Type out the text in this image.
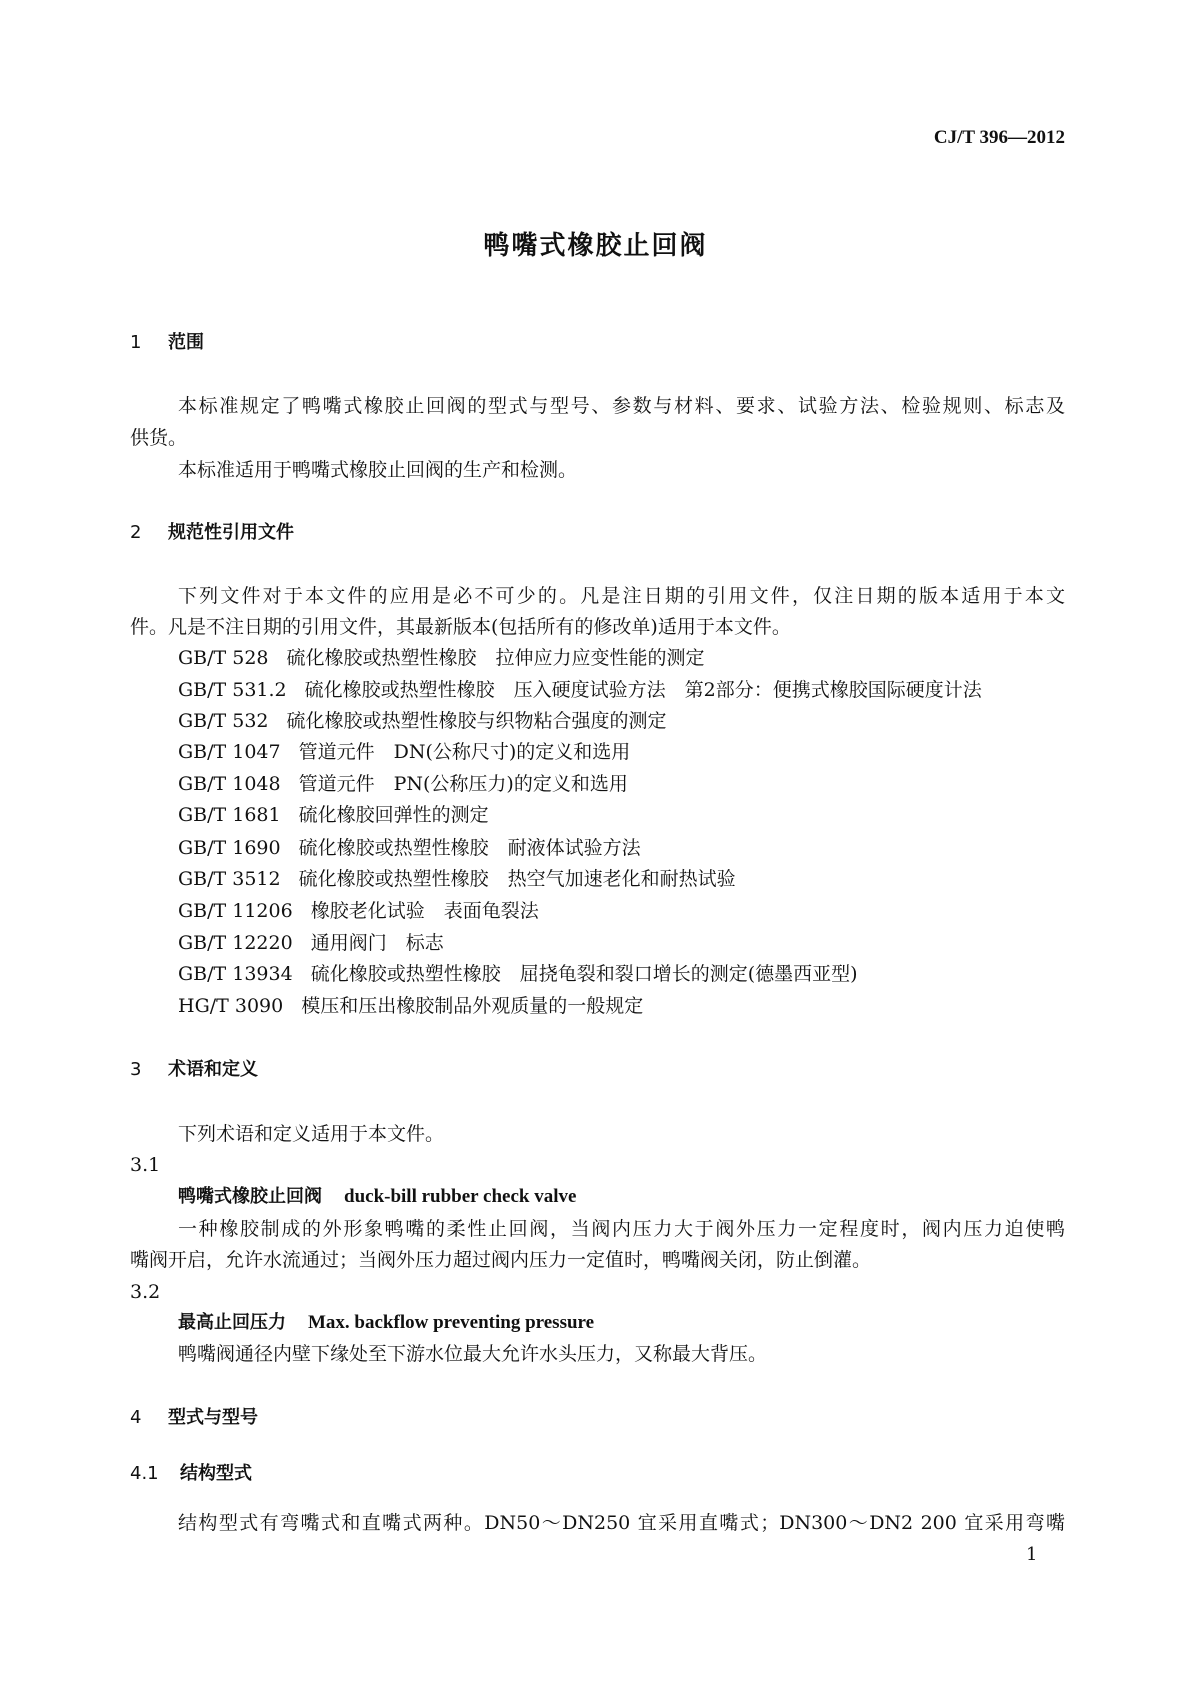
CJ/T 396—2012
鸭嘴式橡胶止回阀
1 范围
本标准规定了鸭嘴式橡胶止回阀的型式与型号、参数与材料、要求、试验方法、检验规则、标志及
供货。
本标准适用于鸭嘴式橡胶止回阀的生产和检测。
2 规范性引用文件
下列文件对于本文件的应用是必不可少的。凡是注日期的引用文件，仅注日期的版本适用于本文
件。凡是不注日期的引用文件，其最新版本(包括所有的修改单)适用于本文件。
GB/T 528 硫化橡胶或热塑性橡胶　拉伸应力应变性能的测定
GB/T 531.2 硫化橡胶或热塑性橡胶　压入硬度试验方法　第2部分：便携式橡胶国际硬度计法
GB/T 532 硫化橡胶或热塑性橡胶与织物粘合强度的测定
GB/T 1047 管道元件　DN(公称尺寸)的定义和选用
GB/T 1048 管道元件　PN(公称压力)的定义和选用
GB/T 1681 硫化橡胶回弹性的测定
GB/T 1690 硫化橡胶或热塑性橡胶　耐液体试验方法
GB/T 3512 硫化橡胶或热塑性橡胶　热空气加速老化和耐热试验
GB/T 11206 橡胶老化试验　表面龟裂法
GB/T 12220 通用阀门　标志
GB/T 13934 硫化橡胶或热塑性橡胶　屈挠龟裂和裂口增长的测定(德墨西亚型)
HG/T 3090 模压和压出橡胶制品外观质量的一般规定
3 术语和定义
下列术语和定义适用于本文件。
3.1
鸭嘴式橡胶止回阀 duck-bill rubber check valve
一种橡胶制成的外形象鸭嘴的柔性止回阀，当阀内压力大于阀外压力一定程度时，阀内压力迫使鸭
嘴阀开启，允许水流通过；当阀外压力超过阀内压力一定值时，鸭嘴阀关闭，防止倒灌。
3.2
最高止回压力 Max. backflow preventing pressure
鸭嘴阀通径内壁下缘处至下游水位最大允许水头压力，又称最大背压。
4 型式与型号
4.1 结构型式
结构型式有弯嘴式和直嘴式两种。DN50～DN250 宜采用直嘴式；DN300～DN2 200 宜采用弯嘴
1
